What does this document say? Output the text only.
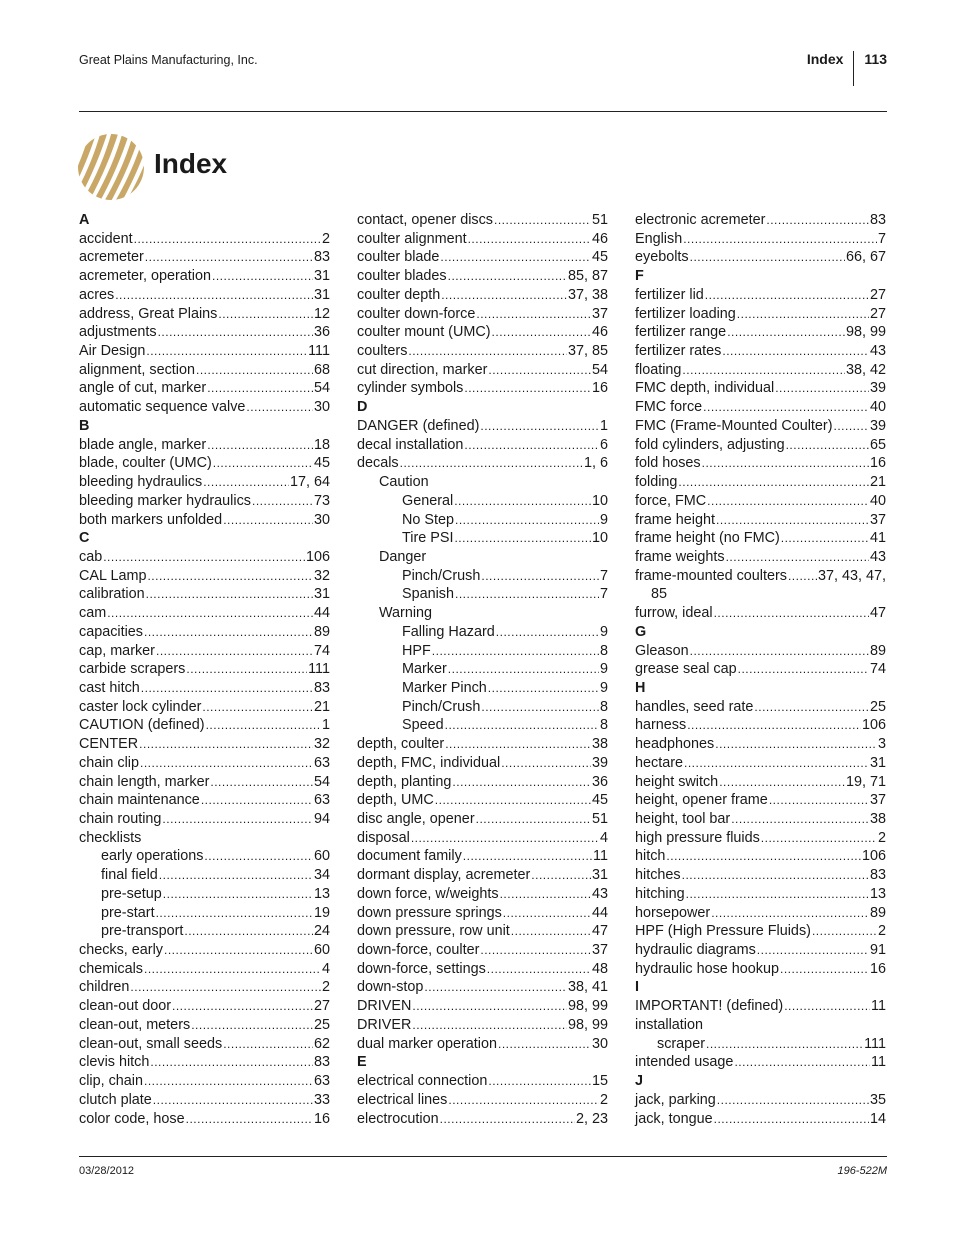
Great Plains Manufacturing, Inc.	Index 113
Index
A
accident .....	2
acremeter .....	83
acremeter, operation .....	31
acres .....	31
address, Great Plains .....	12
adjustments .....	36
Air Design .....	111
alignment, section .....	68
angle of cut, marker .....	54
automatic sequence valve .....	30
B
blade angle, marker .....	18
blade, coulter (UMC) .....	45
bleeding hydraulics .....	17, 64
bleeding marker hydraulics .....	73
both markers unfolded .....	30
C
cab .....	106
CAL Lamp .....	32
calibration .....	31
cam .....	44
capacities .....	89
cap, marker .....	74
carbide scrapers .....	111
cast hitch .....	83
caster lock cylinder .....	21
CAUTION (defined) .....	1
CENTER .....	32
chain clip .....	63
chain length, marker .....	54
chain maintenance .....	63
chain routing .....	94
checklists
early operations .....	60
final field .....	34
pre-setup .....	13
pre-start .....	19
pre-transport .....	24
checks, early .....	60
chemicals .....	4
children .....	2
clean-out door .....	27
clean-out, meters .....	25
clean-out, small seeds .....	62
clevis hitch .....	83
clip, chain .....	63
clutch plate .....	33
color code, hose .....	16
contact, opener discs .....	51
coulter alignment .....	46
coulter blade .....	45
coulter blades .....	85, 87
coulter depth .....	37, 38
coulter down-force .....	37
coulter mount (UMC) .....	46
coulters .....	37, 85
cut direction, marker .....	54
cylinder symbols .....	16
D
DANGER (defined) .....	1
decal installation .....	6
decals .....	1, 6
Caution
General .....	10
No Step .....	9
Tire PSI .....	10
Danger
Pinch/Crush .....	7
Spanish .....	7
Warning
Falling Hazard .....	9
HPF .....	8
Marker .....	9
Marker Pinch .....	9
Pinch/Crush .....	8
Speed .....	8
depth, coulter .....	38
depth, FMC, individual .....	39
depth, planting .....	36
depth, UMC .....	45
disc angle, opener .....	51
disposal .....	4
document family .....	11
dormant display, acremeter .....	31
down force, w/weights .....	43
down pressure springs .....	44
down pressure, row unit .....	47
down-force, coulter .....	37
down-force, settings .....	48
down-stop .....	38, 41
DRIVEN .....	98, 99
DRIVER .....	98, 99
dual marker operation .....	30
E
electrical connection .....	15
electrical lines .....	2
electrocution .....	2, 23
electronic acremeter .....	83
English .....	7
eyebolts .....	66, 67
F
fertilizer lid .....	27
fertilizer loading .....	27
fertilizer range .....	98, 99
fertilizer rates .....	43
floating .....	38, 42
FMC depth, individual .....	39
FMC force .....	40
FMC (Frame-Mounted Coulter) .....	39
fold cylinders, adjusting .....	65
fold hoses .....	16
folding .....	21
force, FMC .....	40
frame height .....	37
frame height (no FMC) .....	41
frame weights .....	43
frame-mounted coulters ..... 37, 43, 47,
85
furrow, ideal .....	47
G
Gleason .....	89
grease seal cap .....	74
H
handles, seed rate .....	25
harness .....	106
headphones .....	3
hectare .....	31
height switch .....	19, 71
height, opener frame .....	37
height, tool bar .....	38
high pressure fluids .....	2
hitch .....	106
hitches .....	83
hitching .....	13
horsepower .....	89
HPF (High Pressure Fluids) .....	2
hydraulic diagrams .....	91
hydraulic hose hookup .....	16
I
IMPORTANT! (defined) .....	11
installation
scraper .....	111
intended usage .....	11
J
jack, parking .....	35
jack, tongue .....	14
03/28/2012	196-522M
